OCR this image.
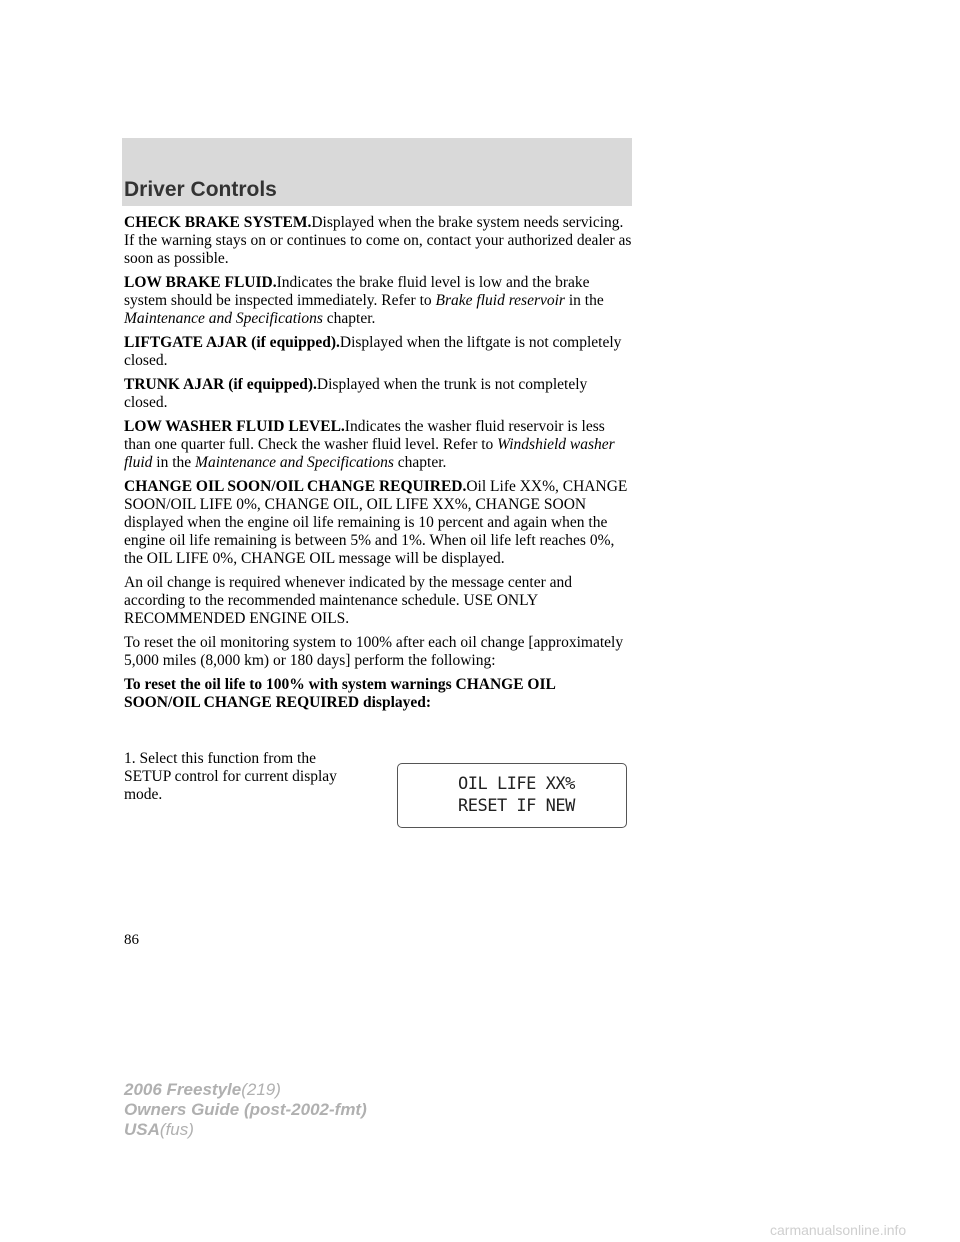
Driver Controls

CHECK BRAKE SYSTEM.Displayed when the brake system needs servicing. If the warning stays on or continues to come on, contact your authorized dealer as soon as possible.

LOW BRAKE FLUID.Indicates the brake fluid level is low and the brake system should be inspected immediately. Refer to Brake fluid reservoir in the Maintenance and Specifications chapter.

LIFTGATE AJAR (if equipped).Displayed when the liftgate is not completely closed.

TRUNK AJAR (if equipped).Displayed when the trunk is not completely closed.

LOW WASHER FLUID LEVEL.Indicates the washer fluid reservoir is less than one quarter full. Check the washer fluid level. Refer to Windshield washer fluid in the Maintenance and Specifications chapter.

CHANGE OIL SOON/OIL CHANGE REQUIRED.Oil Life XX%, CHANGE SOON/OIL LIFE 0%, CHANGE OIL, OIL LIFE XX%, CHANGE SOON displayed when the engine oil life remaining is 10 percent and again when the engine oil life remaining is between 5% and 1%. When oil life left reaches 0%, the OIL LIFE 0%, CHANGE OIL message will be displayed.

An oil change is required whenever indicated by the message center and according to the recommended maintenance schedule. USE ONLY RECOMMENDED ENGINE OILS.

To reset the oil monitoring system to 100% after each oil change [approximately 5,000 miles (8,000 km) or 180 days] perform the following:

To reset the oil life to 100% with system warnings CHANGE OIL SOON/OIL CHANGE REQUIRED displayed:

1. Select this function from the SETUP control for current display mode.

OIL LIFE XX%
RESET IF NEW

86

2006 Freestyle(219)
Owners Guide (post-2002-fmt)
USA(fus)
carmanualsonline.info
